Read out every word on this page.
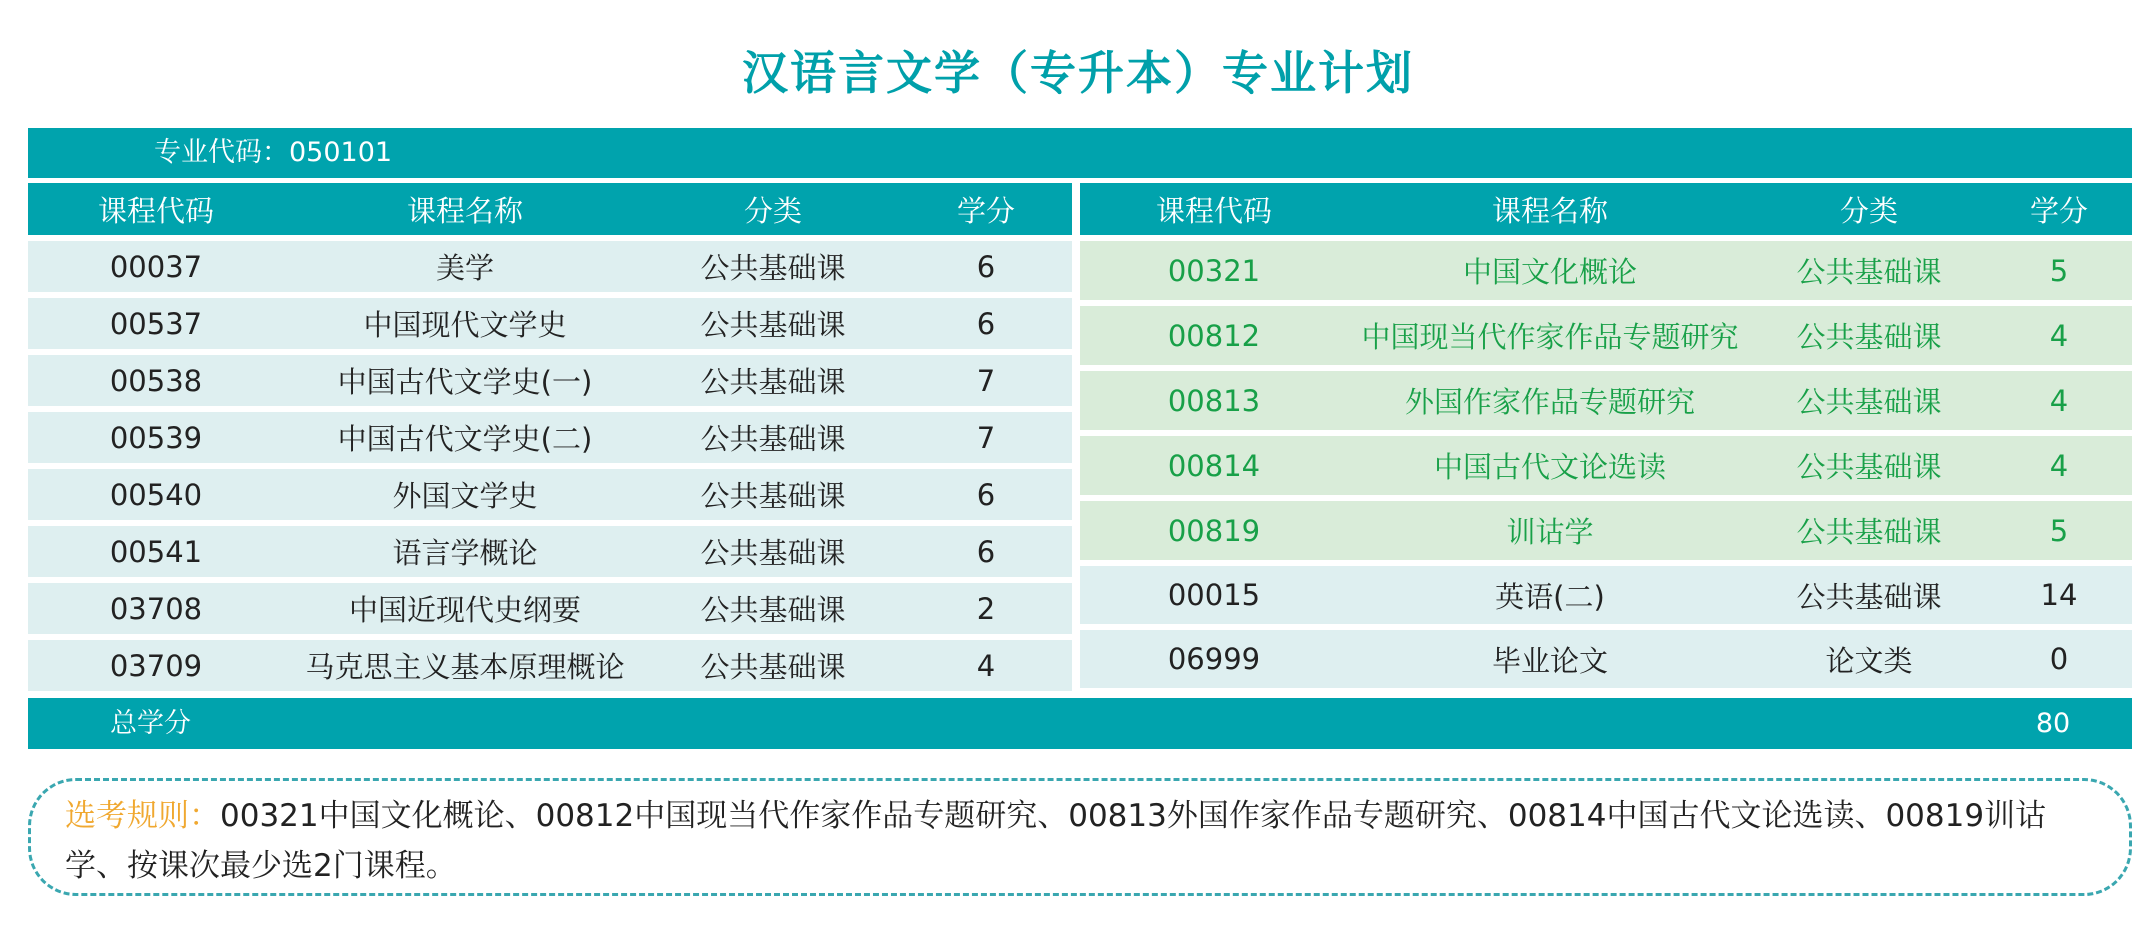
汉语言文学（专升本）专业计划
专业代码：050101
课程代码	课程名称	分类	学分
00037	美学	公共基础课	6
00537	中国现代文学史	公共基础课	6
00538	中国古代文学史(一)	公共基础课	7
00539	中国古代文学史(二)	公共基础课	7
00540	外国文学史	公共基础课	6
00541	语言学概论	公共基础课	6
03708	中国近现代史纲要	公共基础课	2
03709	马克思主义基本原理概论	公共基础课	4
课程代码	课程名称	分类	学分
00321	中国文化概论	公共基础课	5
00812	中国现当代作家作品专题研究	公共基础课	4
00813	外国作家作品专题研究	公共基础课	4
00814	中国古代文论选读	公共基础课	4
00819	训诂学	公共基础课	5
00015	英语(二)	公共基础课	14
06999	毕业论文	论文类	0
总学分	80
选考规则：00321中国文化概论、00812中国现当代作家作品专题研究、00813外国作家作品专题研究、00814中国古代文论选读、00819训诂学、按课次最少选2门课程。
